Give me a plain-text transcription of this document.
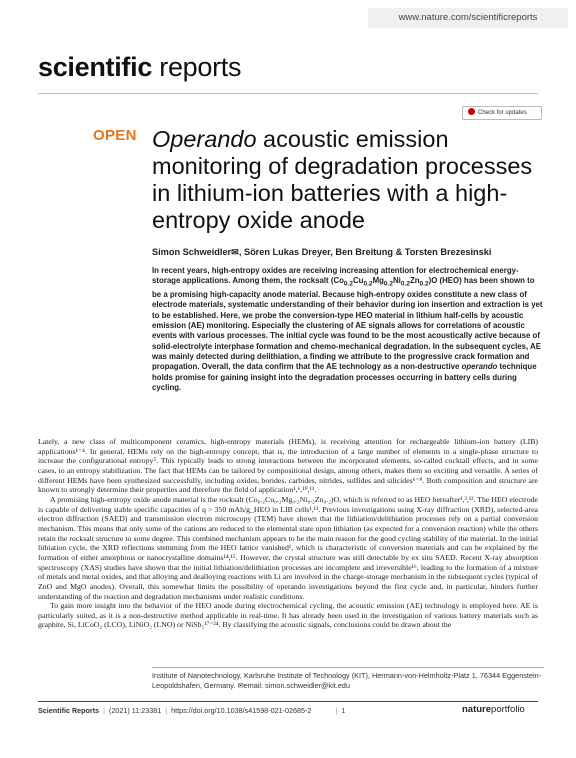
www.nature.com/scientificreports
scientific reports
Check for updates
OPEN Operando acoustic emission monitoring of degradation processes in lithium-ion batteries with a high-entropy oxide anode
Simon Schweidler✉, Sören Lukas Dreyer, Ben Breitung & Torsten Brezesinski
In recent years, high-entropy oxides are receiving increasing attention for electrochemical energy-storage applications. Among them, the rocksalt $(Co_{0.2}Cu_{0.2}Mg_{0.2}Ni_{0.2}Zn_{0.2})O$ (HEO) has been shown to be a promising high-capacity anode material. Because high-entropy oxides constitute a new class of electrode materials, systematic understanding of their behavior during ion insertion and extraction is yet to be established. Here, we probe the conversion-type HEO material in lithium half-cells by acoustic emission (AE) monitoring. Especially the clustering of AE signals allows for correlations of acoustic events with various processes. The initial cycle was found to be the most acoustically active because of solid-electrolyte interphase formation and chemo-mechanical degradation. In the subsequent cycles, AE was mainly detected during delithiation, a finding we attribute to the progressive crack formation and propagation. Overall, the data confirm that the AE technology as a non-destructive operando technique holds promise for gaining insight into the degradation processes occurring in battery cells during cycling.

Lately, a new class of multicomponent ceramics, high-entropy materials (HEMs), is receiving attention for rechargeable lithium-ion battery (LIB) applications¹⁻⁴. In general, HEMs rely on the high-entropy concept, that is, the introduction of a large number of elements in a single-phase structure to increase the configurational entropy⁵. This typically leads to strong interactions between the incorporated elements, so-called cocktail effects, and in some cases, to an entropy stabilization. The fact that HEMs can be tailored by compositional design, among others, makes them so exciting and versatile. A series of different HEMs have been synthesized successfully, including oxides, borides, carbides, nitrides, sulfides and silicides⁶⁻⁹. Both composition and structure are known to strongly determine their properties and therefore the field of application¹,⁶,¹⁰,¹¹.

A promising high-entropy oxide anode material is the rocksalt (Co₀.₂Cu₀.₂Mg₀.₂Ni₀.₂Zn₀.₂)O, which is referred to as HEO hereafter¹,³,¹². The HEO electrode is capable of delivering stable specific capacities of q > 350 mAh/g_HEO in LIB cells¹,¹³. Previous investigations using X-ray diffraction (XRD), selected-area electron diffraction (SAED) and transmission electron microscopy (TEM) have shown that the lithiation/delithiation processes rely on a partial conversion mechanism. This means that only some of the cations are reduced to the elemental state upon lithiation (as expected for a conversion reaction) while the others retain the rocksalt structure to some degree. This combined mechanism appears to be the main reason for the good cycling stability of the material. In the initial lithiation cycle, the XRD reflections stemming from the HEO lattice vanished¹, which is characteristic of conversion materials and can be explained by the formation of either amorphous or nanocrystalline domains¹⁴,¹⁵. However, the crystal structure was still detectable by ex situ SAED. Recent X-ray absorption spectroscopy (XAS) studies have shown that the initial lithiation/delithiation processes are incomplete and irreversible¹⁶, leading to the formation of a mixture of metals and metal oxides, and that alloying and dealloying reactions with Li are involved in the charge-storage mechanism in the subsequent cycles (typical of ZnO and MgO anodes). Overall, this somewhat limits the possibility of operando investigations beyond the first cycle and, in particular, hinders further understanding of the reaction and degradation mechanisms under realistic conditions.

To gain more insight into the behavior of the HEO anode during electrochemical cycling, the acoustic emission (AE) technology is employed here. AE is particularly suited, as it is a non-destructive method applicable in real-time. It has already been used in the investigation of various battery materials such as graphite, Si, LiCoO₂ (LCO), LiNiO₂ (LNO) or NiSb₂¹⁷⁻²⁴. By classifying the acoustic signals, conclusions could be drawn about the

Institute of Nanotechnology, Karlsruhe Institute of Technology (KIT), Hermann-von-Helmholtz-Platz 1, 76344 Eggenstein-Leopoldshafen, Germany. ✉email: simon.schweidler@kit.edu
Scientific Reports | (2021) 11:23381 | https://doi.org/10.1038/s41598-021-02685-2	| 1	natureportfolio
